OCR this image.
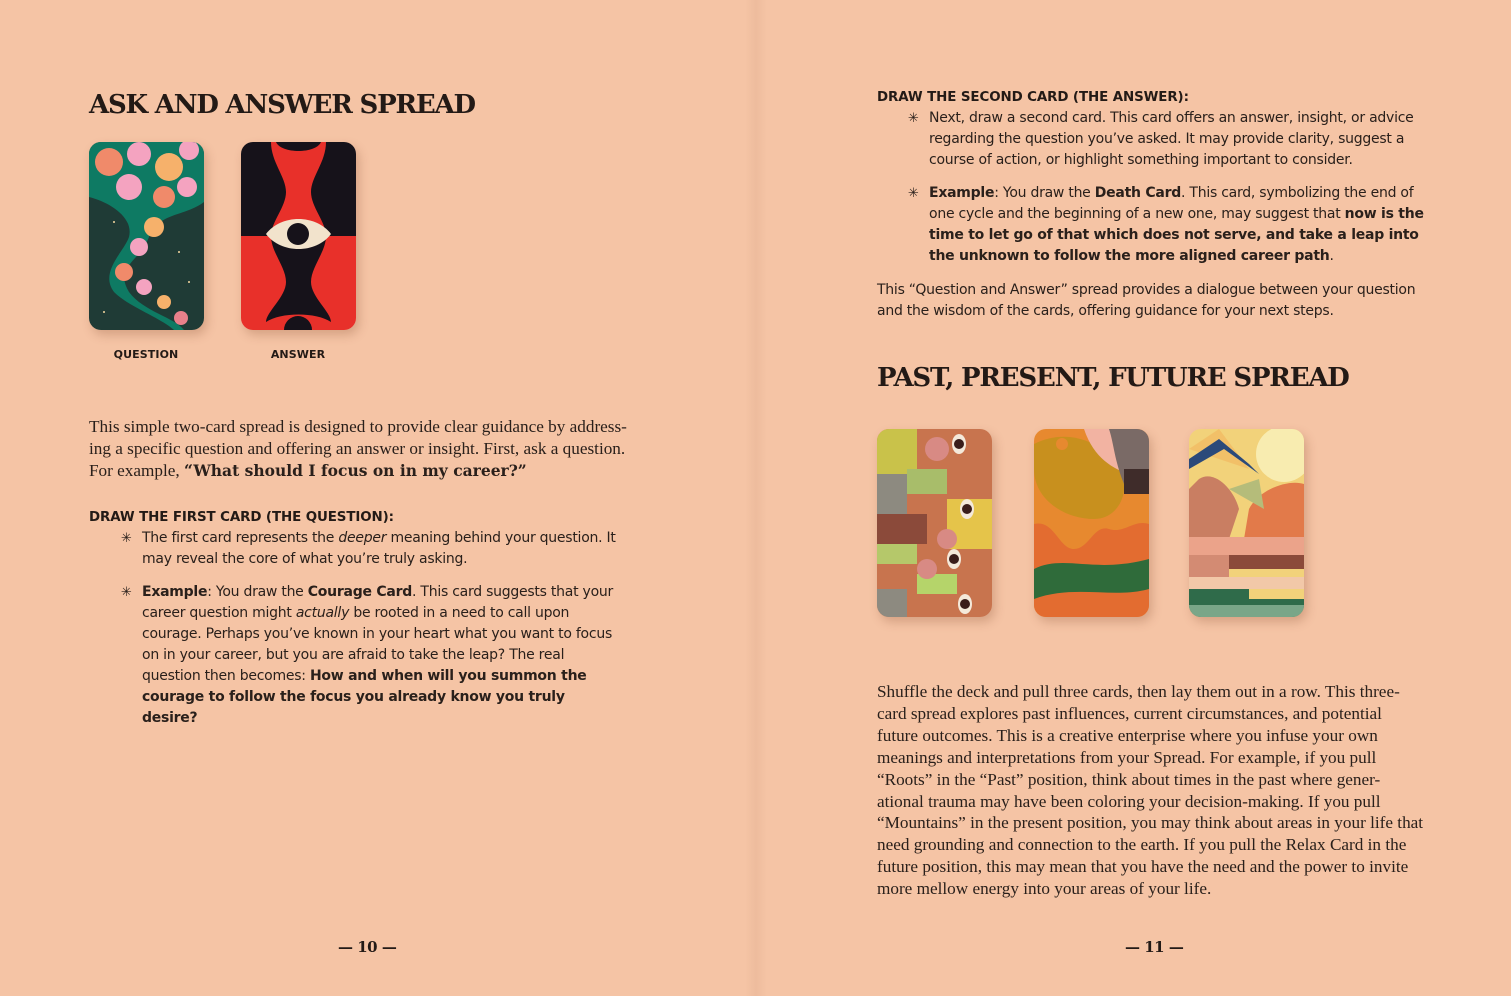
ASK AND ANSWER SPREAD
QUESTION	ANSWER

This simple two-card spread is designed to provide clear guidance by address-ing a specific question and offering an answer or insight. First, ask a question. For example, “What should I focus on in my career?”

DRAW THE FIRST CARD (THE QUESTION):
✳ The first card represents the deeper meaning behind your question. It may reveal the core of what you’re truly asking.
✳ Example: You draw the Courage Card. This card suggests that your career question might actually be rooted in a need to call upon courage. Perhaps you’ve known in your heart what you want to focus on in your career, but you are afraid to take the leap? The real question then becomes: How and when will you summon the courage to follow the focus you already know you truly desire?
— 10 —
DRAW THE SECOND CARD (THE ANSWER):
✳ Next, draw a second card. This card offers an answer, insight, or advice regarding the question you’ve asked. It may provide clarity, suggest a course of action, or highlight something important to consider.
✳ Example: You draw the Death Card. This card, symbolizing the end of one cycle and the beginning of a new one, may suggest that now is the time to let go of that which does not serve, and take a leap into the unknown to follow the more aligned career path.

This “Question and Answer” spread provides a dialogue between your question and the wisdom of the cards, offering guidance for your next steps.

PAST, PRESENT, FUTURE SPREAD

Shuffle the deck and pull three cards, then lay them out in a row. This three-card spread explores past influences, current circumstances, and potential future outcomes. This is a creative enterprise where you infuse your own meanings and interpretations from your Spread. For example, if you pull “Roots” in the “Past” position, think about times in the past where gener-ational trauma may have been coloring your decision-making. If you pull “Mountains” in the present position, you may think about areas in your life that need grounding and connection to the earth. If you pull the Relax Card in the future position, this may mean that you have the need and the power to invite more mellow energy into your areas of your life.

— 11 —
